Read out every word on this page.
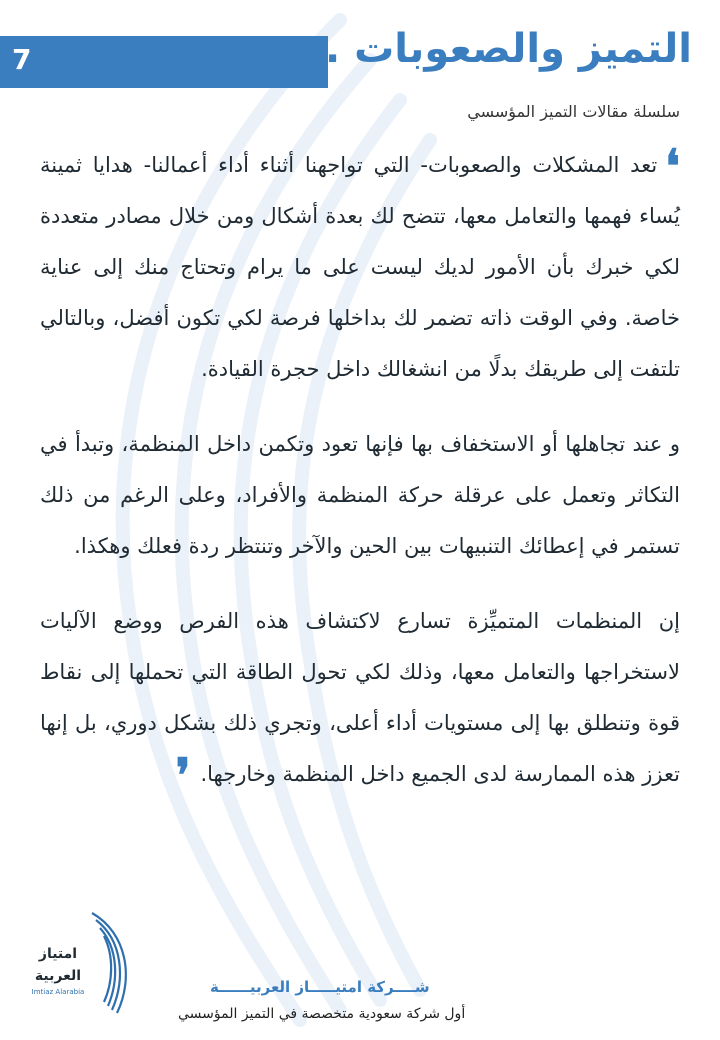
7	التميز والصعوبات ..
سلسلة مقالات التميز المؤسسي

❛تعد المشكلات والصعوبات- التي تواجهنا أثناء أداء أعمالنا- هدايا ثمينة يُساء فهمها والتعامل معها، تتضح لك بعدة أشكال ومن خلال مصادر متعددة لكي خبرك بأن الأمور لديك ليست على ما يرام وتحتاج منك إلى عناية خاصة. وفي الوقت ذاته تضمر لك بداخلها فرصة لكي تكون أفضل، وبالتالي تلتفت إلى طريقك بدلًا من انشغالك داخل حجرة القيادة.

و عند تجاهلها أو الاستخفاف بها فإنها تعود وتكمن داخل المنظمة، وتبدأ في التكاثر وتعمل على عرقلة حركة المنظمة والأفراد، وعلى الرغم من ذلك تستمر في إعطائك التنبيهات بين الحين والآخر وتنتظر ردة فعلك وهكذا.

إن المنظمات المتميِّزة تسارع لاكتشاف هذه الفرص ووضع الآليات لاستخراجها والتعامل معها، وذلك لكي تحول الطاقة التي تحملها إلى نقاط قوة وتنطلق بها إلى مستويات أداء أعلى، وتجري ذلك بشكل دوري، بل إنها تعزز هذه الممارسة لدى الجميع داخل المنظمة وخارجها.❜

امتياز
العربية
Imtiaz Alarabia	شــــركة امتيـــــاز العربيــــــة
أول شركة سعودية متخصصة في التميز المؤسسي
